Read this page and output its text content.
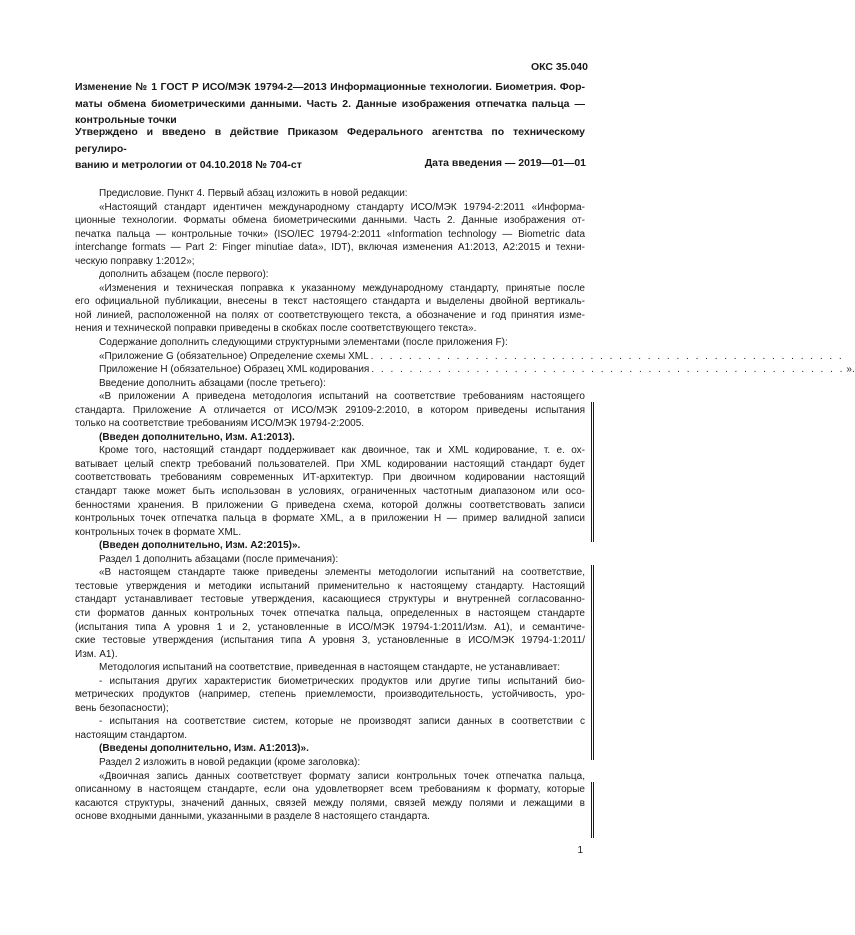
ОКС 35.040
Изменение № 1 ГОСТ Р ИСО/МЭК 19794-2—2013 Информационные технологии. Биометрия. Фор-
маты обмена биометрическими данными. Часть 2. Данные изображения отпечатка пальца —
контрольные точки
Утверждено и введено в действие Приказом Федерального агентства по техническому регулиро-
ванию и метрологии от 04.10.2018 № 704-ст	Дата введения — 2019—01—01
Предисловие. Пункт 4. Первый абзац изложить в новой редакции:
«Настоящий стандарт идентичен международному стандарту ИСО/МЭК 19794-2:2011 «Информа-
ционные технологии. Форматы обмена биометрическими данными. Часть 2. Данные изображения от-
печатка пальца — контрольные точки» (ISO/IEC 19794-2:2011 «Information technology — Biometric data
interchange formats — Part 2: Finger minutiae data», IDT), включая изменения А1:2013, А2:2015 и техни-
ческую поправку 1:2012»;
дополнить абзацем (после первого):
«Изменения и техническая поправка к указанному международному стандарту, принятые после
его официальной публикации, внесены в текст настоящего стандарта и выделены двойной вертикаль-
ной линией, расположенной на полях от соответствующего текста, а обозначение и год принятия изме-
нения и технической поправки приведены в скобках после соответствующего текста».
Содержание дополнить следующими структурными элементами (после приложения F):
«Приложение G (обязательное) Определение схемы XML . . . . . . . . . . . . . . . . . . . . . . . . . . . . . . . . . . . . . . . . . . . . . . . . . .
Приложение H (обязательное) Образец XML кодирования . . . . . . . . . . . . . . . . . . . . . . . . . . . . . . . . . . . . . . . . . . . . . . . . . . ».
Введение дополнить абзацами (после третьего):
«В приложении А приведена методология испытаний на соответствие требованиям настоящего
стандарта. Приложение А отличается от ИСО/МЭК 29109-2:2010, в котором приведены испытания
только на соответствие требованиям ИСО/МЭК 19794-2:2005.
(Введен дополнительно, Изм. А1:2013).
Кроме того, настоящий стандарт поддерживает как двоичное, так и XML кодирование, т. е. ох-
ватывает целый спектр требований пользователей. При XML кодировании настоящий стандарт будет
соответствовать требованиям современных ИТ-архитектур. При двоичном кодировании настоящий
стандарт также может быть использован в условиях, ограниченных частотным диапазоном или осо-
бенностями хранения. В приложении G приведена схема, которой должны соответствовать записи
контрольных точек отпечатка пальца в формате XML, а в приложении H — пример валидной записи
контрольных точек в формате XML.
(Введен дополнительно, Изм. А2:2015)».
Раздел 1 дополнить абзацами (после примечания):
«В настоящем стандарте также приведены элементы методологии испытаний на соответствие,
тестовые утверждения и методики испытаний применительно к настоящему стандарту. Настоящий
стандарт устанавливает тестовые утверждения, касающиеся структуры и внутренней согласованно-
сти форматов данных контрольных точек отпечатка пальца, определенных в настоящем стандарте
(испытания типа А уровня 1 и 2, установленные в ИСО/МЭК 19794-1:2011/Изм. А1), и семантиче-
ские тестовые утверждения (испытания типа А уровня 3, установленные в ИСО/МЭК 19794-1:2011/
Изм. А1).
Методология испытаний на соответствие, приведенная в настоящем стандарте, не устанавливает:
- испытания других характеристик биометрических продуктов или другие типы испытаний био-
метрических продуктов (например, степень приемлемости, производительность, устойчивость, уро-
вень безопасности);
- испытания на соответствие систем, которые не производят записи данных в соответствии с
настоящим стандартом.
(Введены дополнительно, Изм. А1:2013)».
Раздел 2 изложить в новой редакции (кроме заголовка):
«Двоичная запись данных соответствует формату записи контрольных точек отпечатка пальца,
описанному в настоящем стандарте, если она удовлетворяет всем требованиям к формату, которые
касаются структуры, значений данных, связей между полями, связей между полями и лежащими в
основе входными данными, указанными в разделе 8 настоящего стандарта.
1
